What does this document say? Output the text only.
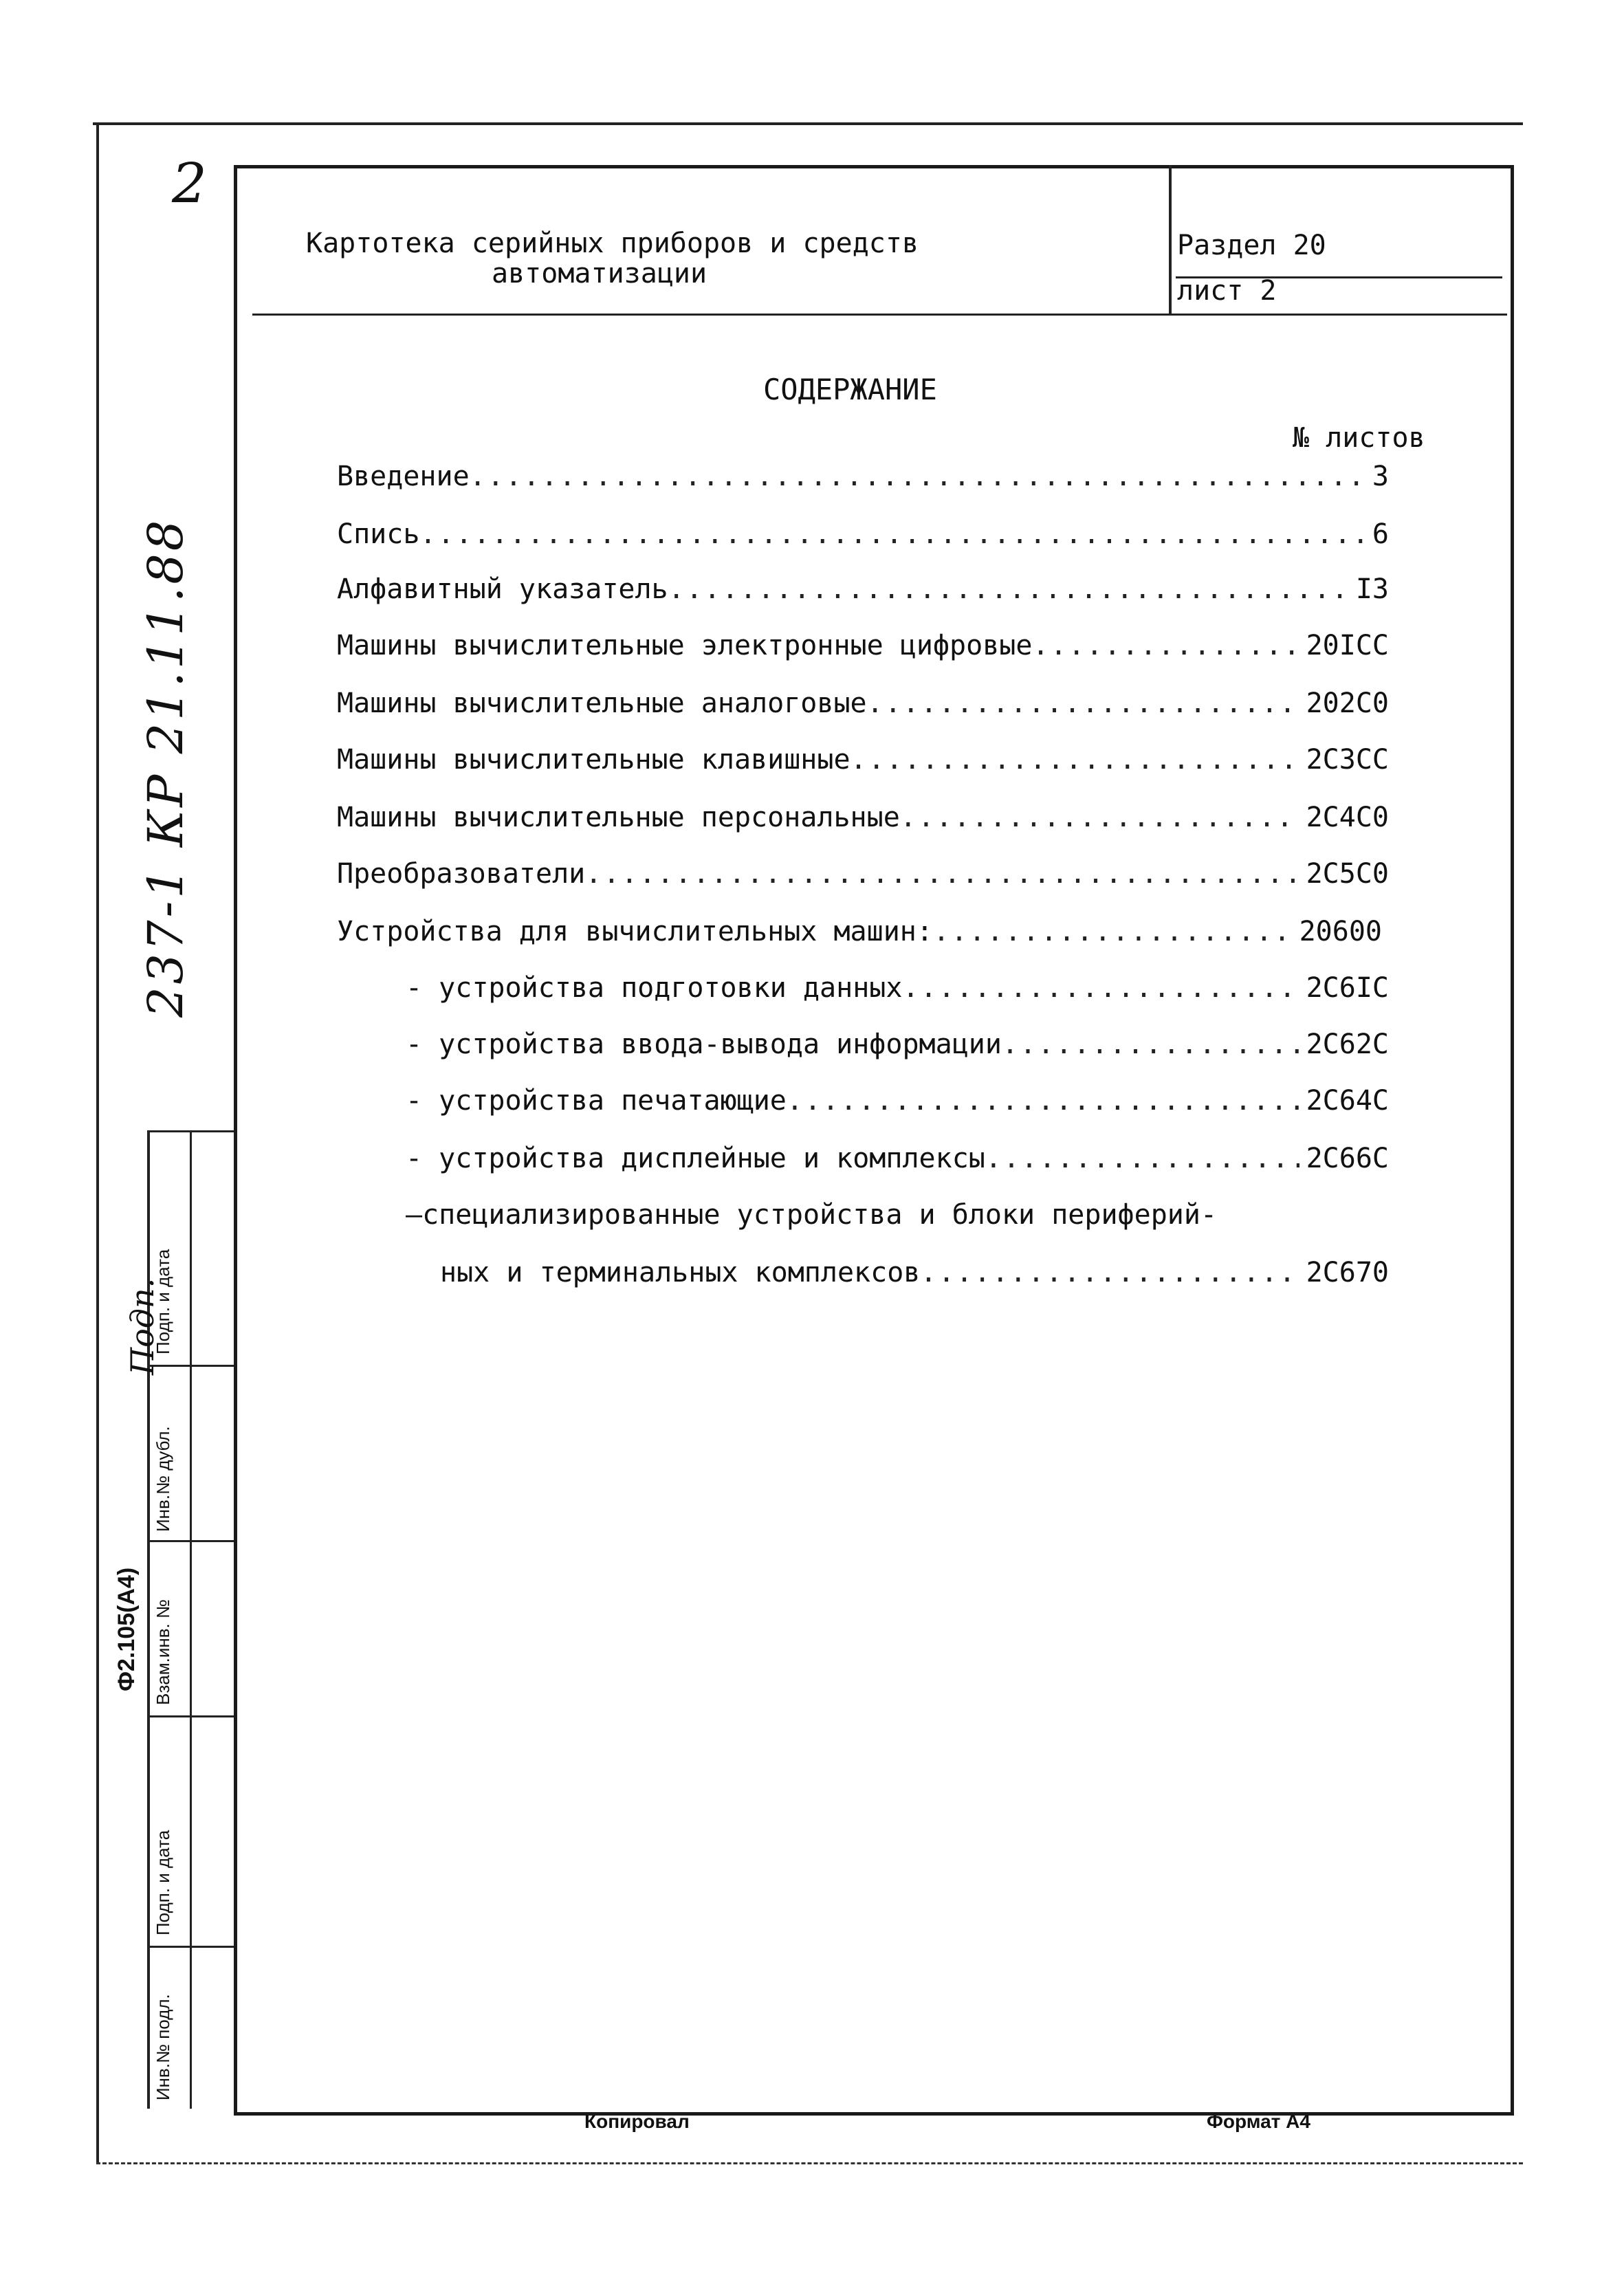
Картотека серийных приборов и средств
автоматизации
Раздел 20
лист 2
СОДЕРЖАНИЕ
№ листов
Введение .....	3
Спись .....	6
Алфавитный указатель .....	I3
Машины вычислительные электронные цифровые .....	20IСС
Машины вычислительные аналоговые .....	202С0
Машины вычислительные клавишные .....	2С3СС
Машины вычислительные персональные .....	2С4С0
Преобразователи .....	2С5С0
Устройства для вычислительных машин: .....	20600
- устройства подготовки данных .....	2С6IС
- устройства ввода-вывода информации .....	2С62С
- устройства печатающие .....	2С64С
- устройства дисплейные и комплексы .....	2С66С
—специализированные устройства и блоки периферий-
ных и терминальных комплексов .....	2С670
2
237-1 КР 21.11.88
Ф2.105(А4)
Подп.
Инв.№ подл.
Подп. и дата
Взам.инв. №
Инв.№ дубл.
Подп. и дата
Копировал	Формат А4
